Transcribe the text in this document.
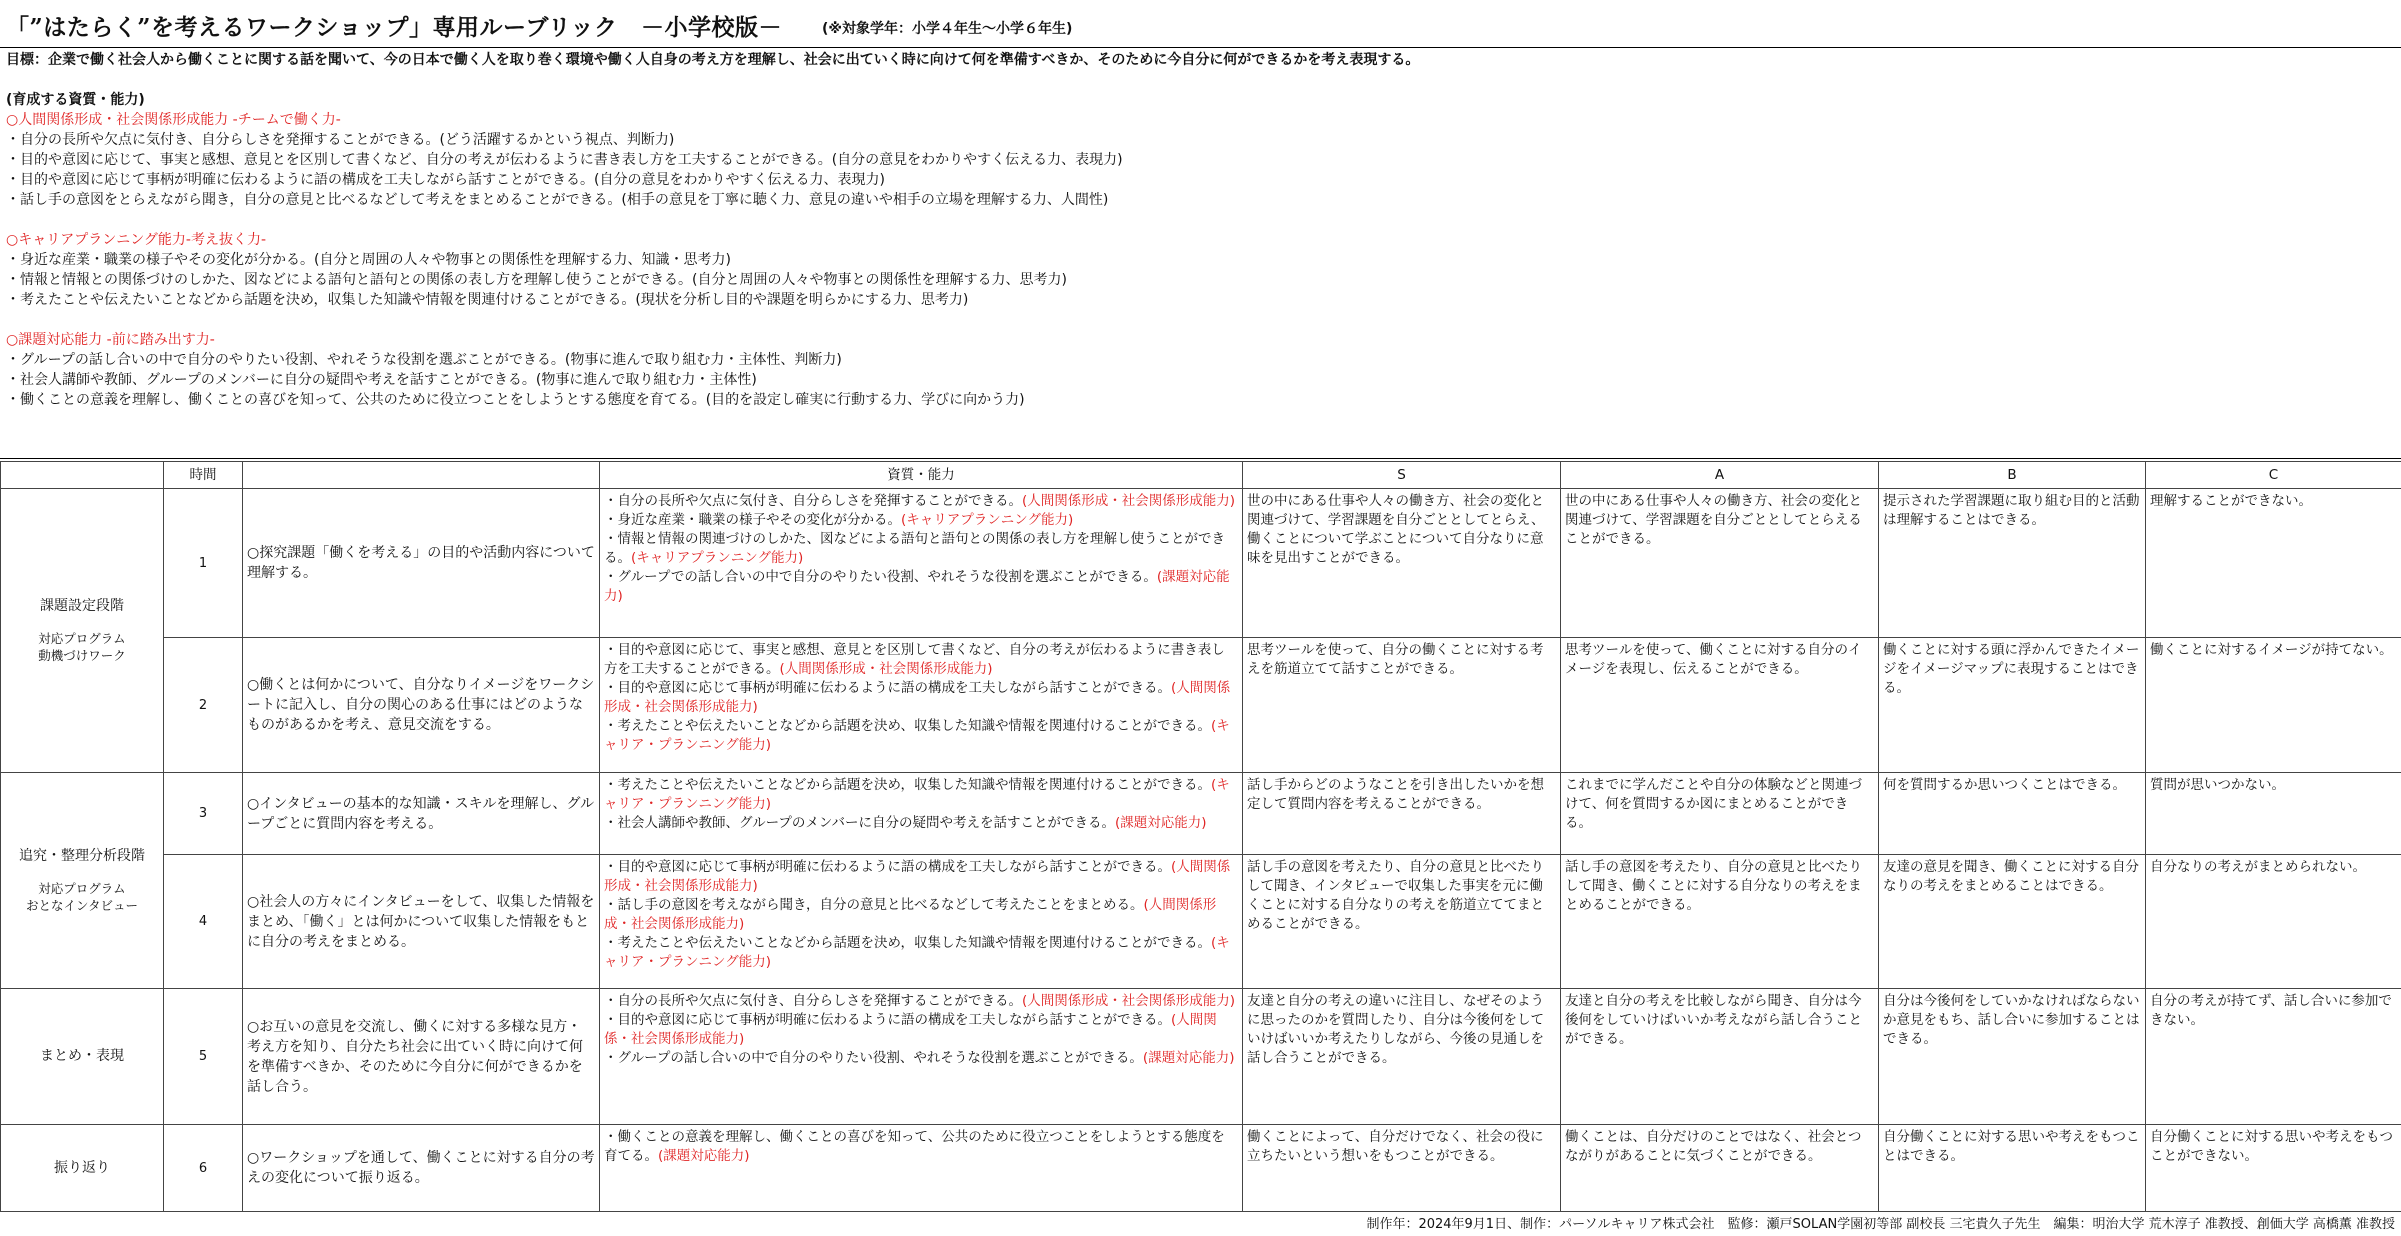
「”はたらく”を考えるワークショップ」専用ルーブリック　－小学校版－	(※対象学年：小学４年生～小学６年生)
目標：企業で働く社会人から働くことに関する話を聞いて、今の日本で働く人を取り巻く環境や働く人自身の考え方を理解し、社会に出ていく時に向けて何を準備すべきか、そのために今自分に何ができるかを考え表現する。
(育成する資質・能力)
○人間関係形成・社会関係形成能力 -チームで働く力-
・自分の長所や欠点に気付き、自分らしさを発揮することができる。(どう活躍するかという視点、判断力)
・目的や意図に応じて、事実と感想、意見とを区別して書くなど、自分の考えが伝わるように書き表し方を工夫することができる。(自分の意見をわかりやすく伝える力、表現力)
・目的や意図に応じて事柄が明確に伝わるように語の構成を工夫しながら話すことができる。(自分の意見をわかりやすく伝える力、表現力)
・話し手の意図をとらえながら聞き，自分の意見と比べるなどして考えをまとめることができる。(相手の意見を丁寧に聴く力、意見の違いや相手の立場を理解する力、人間性)
○キャリアプランニング能力-考え抜く力-
・身近な産業・職業の様子やその変化が分かる。(自分と周囲の人々や物事との関係性を理解する力、知識・思考力)
・情報と情報との関係づけのしかた、図などによる語句と語句との関係の表し方を理解し使うことができる。(自分と周囲の人々や物事との関係性を理解する力、思考力)
・考えたことや伝えたいことなどから話題を決め，収集した知識や情報を関連付けることができる。(現状を分析し目的や課題を明らかにする力、思考力)
○課題対応能力 -前に踏み出す力-
・グループの話し合いの中で自分のやりたい役割、やれそうな役割を選ぶことができる。(物事に進んで取り組む力・主体性、判断力)
・社会人講師や教師、グループのメンバーに自分の疑問や考えを話すことができる。(物事に進んで取り組む力・主体性)
・働くことの意義を理解し、働くことの喜びを知って、公共のために役立つことをしようとする態度を育てる。(目的を設定し確実に行動する力、学びに向かう力)
	時間		資質・能力	S	A	B	C
課題設定段階
対応プログラム
動機づけワーク	1	○探究課題「働くを考える」の目的や活動内容について理解する。	・自分の長所や欠点に気付き、自分らしさを発揮することができる。(人間関係形成・社会関係形成能力)
・身近な産業・職業の様子やその変化が分かる。(キャリアプランニング能力)
・情報と情報の関連づけのしかた、図などによる語句と語句との関係の表し方を理解し使うことができる。(キャリアプランニング能力)
・グループでの話し合いの中で自分のやりたい役割、やれそうな役割を選ぶことができる。(課題対応能力)	世の中にある仕事や人々の働き方、社会の変化と関連づけて、学習課題を自分ごととしてとらえ、働くことについて学ぶことについて自分なりに意味を見出すことができる。	世の中にある仕事や人々の働き方、社会の変化と関連づけて、学習課題を自分ごととしてとらえることができる。	提示された学習課題に取り組む目的と活動は理解することはできる。	理解することができない。
	2	○働くとは何かについて、自分なりイメージをワークシートに記入し、自分の関心のある仕事にはどのようなものがあるかを考え、意見交流をする。	・目的や意図に応じて、事実と感想、意見とを区別して書くなど、自分の考えが伝わるように書き表し方を工夫することができる。(人間関係形成・社会関係形成能力)
・目的や意図に応じて事柄が明確に伝わるように語の構成を工夫しながら話すことができる。(人間関係形成・社会関係形成能力)
・考えたことや伝えたいことなどから話題を決め、収集した知識や情報を関連付けることができる。(キャリア・プランニング能力)	思考ツールを使って、自分の働くことに対する考えを筋道立てて話すことができる。	思考ツールを使って、働くことに対する自分のイメージを表現し、伝えることができる。	働くことに対する頭に浮かんできたイメージをイメージマップに表現することはできる。	働くことに対するイメージが持てない。
追究・整理分析段階
対応プログラム
おとなインタビュー	3	○インタビューの基本的な知識・スキルを理解し、グループごとに質問内容を考える。	・考えたことや伝えたいことなどから話題を決め，収集した知識や情報を関連付けることができる。(キャリア・プランニング能力)
・社会人講師や教師、グループのメンバーに自分の疑問や考えを話すことができる。(課題対応能力)	話し手からどのようなことを引き出したいかを想定して質問内容を考えることができる。	これまでに学んだことや自分の体験などと関連づけて、何を質問するか図にまとめることができる。	何を質問するか思いつくことはできる。	質問が思いつかない。
	4	○社会人の方々にインタビューをして、収集した情報をまとめ、「働く」とは何かについて収集した情報をもとに自分の考えをまとめる。	・目的や意図に応じて事柄が明確に伝わるように語の構成を工夫しながら話すことができる。(人間関係形成・社会関係形成能力)
・話し手の意図を考えながら聞き，自分の意見と比べるなどして考えたことをまとめる。(人間関係形成・社会関係形成能力)
・考えたことや伝えたいことなどから話題を決め，収集した知識や情報を関連付けることができる。(キャリア・プランニング能力)	話し手の意図を考えたり、自分の意見と比べたりして聞き、インタビューで収集した事実を元に働くことに対する自分なりの考えを筋道立ててまとめることができる。	話し手の意図を考えたり、自分の意見と比べたりして聞き、働くことに対する自分なりの考えをまとめることができる。	友達の意見を聞き、働くことに対する自分なりの考えをまとめることはできる。	自分なりの考えがまとめられない。
まとめ・表現	5	○お互いの意見を交流し、働くに対する多様な見方・考え方を知り、自分たち社会に出ていく時に向けて何を準備すべきか、そのために今自分に何ができるかを話し合う。	・自分の長所や欠点に気付き、自分らしさを発揮することができる。(人間関係形成・社会関係形成能力)
・目的や意図に応じて事柄が明確に伝わるように語の構成を工夫しながら話すことができる。(人間関係・社会関係形成能力)
・グループの話し合いの中で自分のやりたい役割、やれそうな役割を選ぶことができる。(課題対応能力)	友達と自分の考えの違いに注目し、なぜそのように思ったのかを質問したり、自分は今後何をしていけばいいか考えたりしながら、今後の見通しを話し合うことができる。	友達と自分の考えを比較しながら聞き、自分は今後何をしていけばいいか考えながら話し合うことができる。	自分は今後何をしていかなければならないか意見をもち、話し合いに参加することはできる。	自分の考えが持てず、話し合いに参加できない。
振り返り	6	○ワークショップを通して、働くことに対する自分の考えの変化について振り返る。	・働くことの意義を理解し、働くことの喜びを知って、公共のために役立つことをしようとする態度を育てる。(課題対応能力)	働くことによって、自分だけでなく、社会の役に立ちたいという想いをもつことができる。	働くことは、自分だけのことではなく、社会とつながりがあることに気づくことができる。	自分働くことに対する思いや考えをもつことはできる。	自分働くことに対する思いや考えをもつことができない。
制作年：2024年9月1日、制作：パーソルキャリア株式会社　監修：瀬戸SOLAN学園初等部 副校長 三宅貴久子先生　編集：明治大学 荒木淳子 准教授、創価大学 高橋薫 准教授
